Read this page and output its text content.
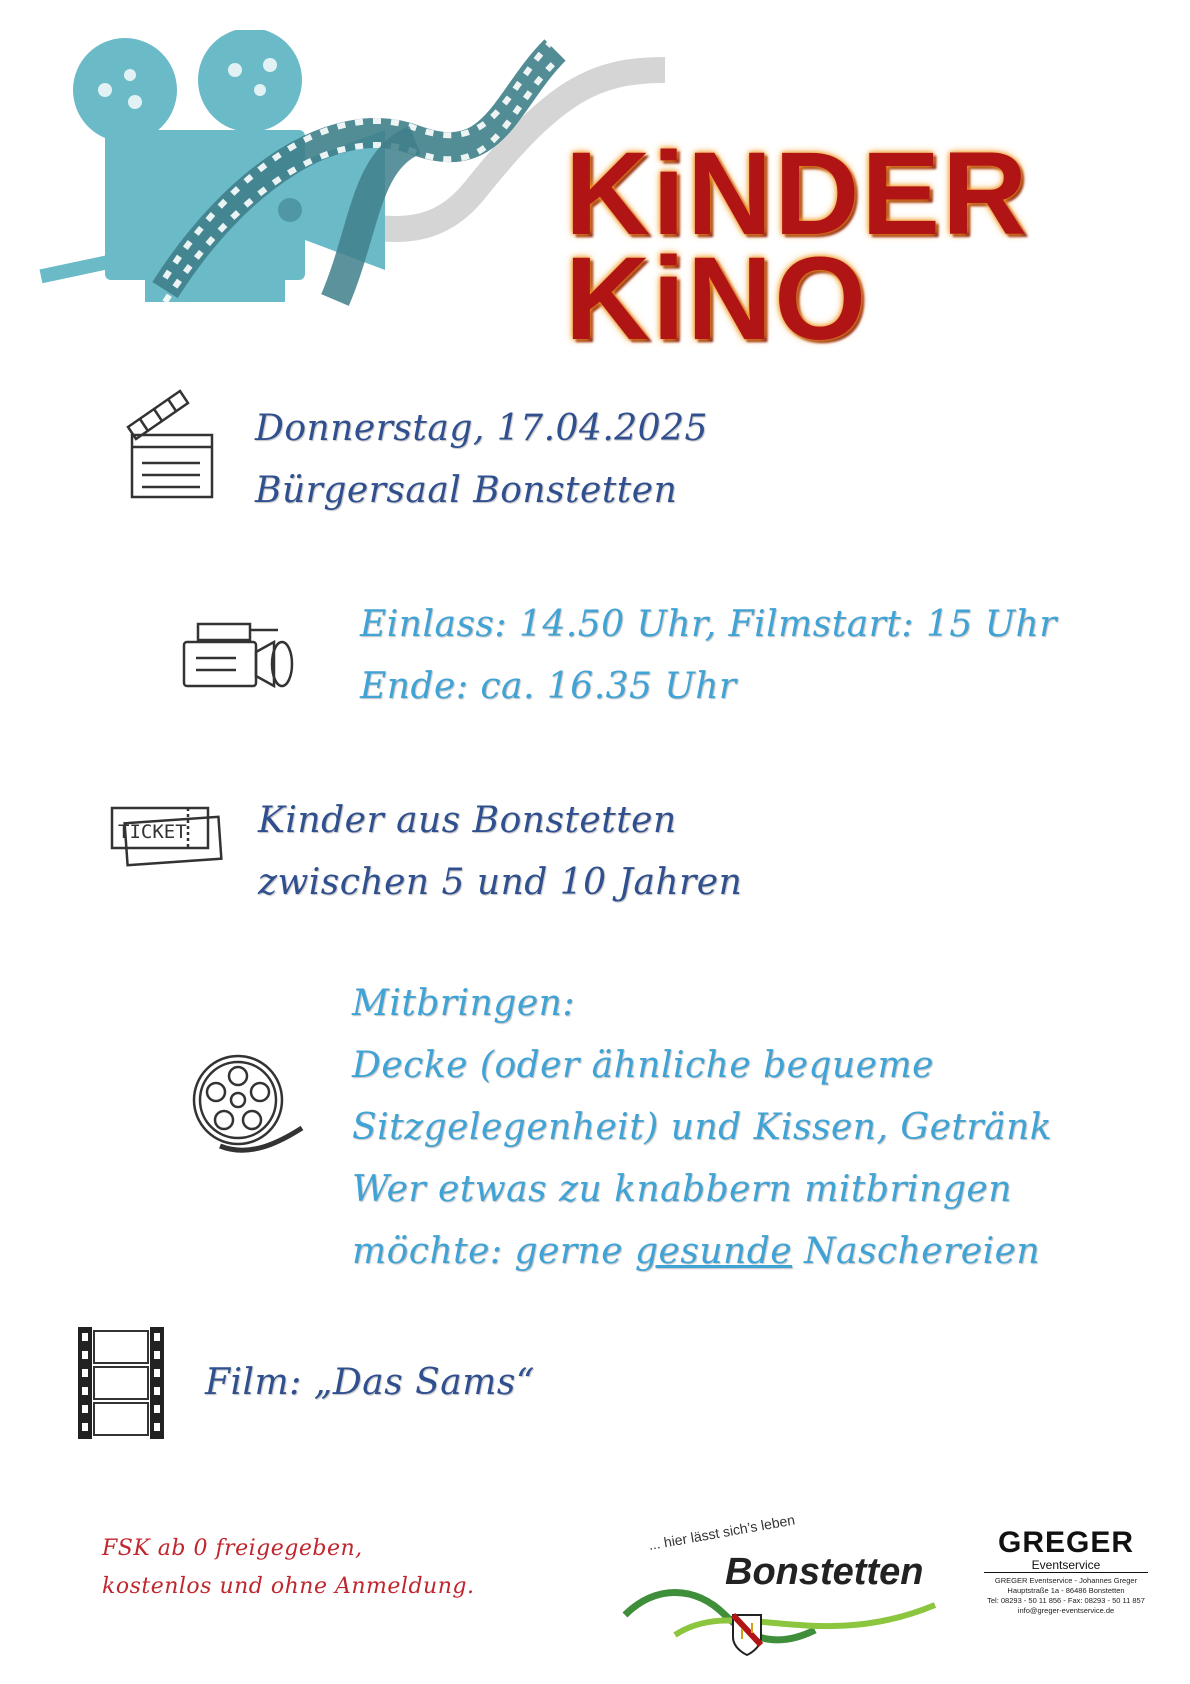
KiNDER
KiNO
Donnerstag, 17.04.2025
Bürgersaal Bonstetten
Einlass: 14.50 Uhr, Filmstart: 15 Uhr
Ende: ca. 16.35 Uhr
TICKET Kinder aus Bonstetten
zwischen 5 und 10 Jahren
Mitbringen:
Decke (oder ähnliche bequeme
Sitzgelegenheit) und Kissen, Getränk
Wer etwas zu knabbern mitbringen
möchte: gerne gesunde Naschereien
Film: „Das Sams“
FSK ab 0 freigegeben,
kostenlos und ohne Anmeldung.
... hier lässt sich’s leben
Bonstetten
GREGER
Eventservice
GREGER Eventservice - Johannes Greger
Hauptstraße 1a - 86486 Bonstetten
Tel: 08293 - 50 11 856 - Fax: 08293 - 50 11 857
info@greger-eventservice.de
